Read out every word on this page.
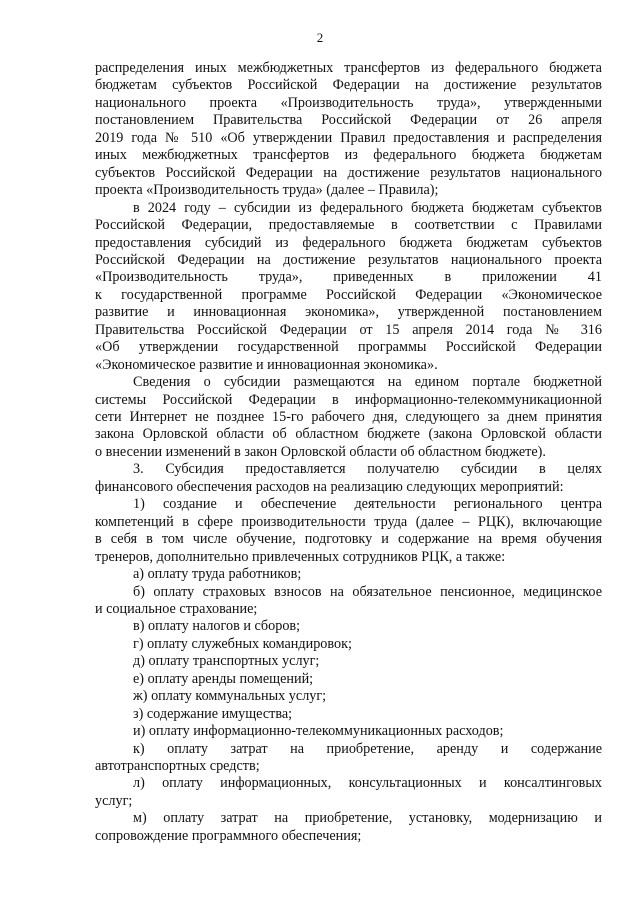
2
распределения иных межбюджетных трансфертов из федерального бюджета
бюджетам субъектов Российской Федерации на достижение результатов
национального проекта «Производительность труда», утвержденными
постановлением Правительства Российской Федерации от 26 апреля
2019 года № 510 «Об утверждении Правил предоставления и распределения
иных межбюджетных трансфертов из федерального бюджета бюджетам
субъектов Российской Федерации на достижение результатов национального
проекта «Производительность труда» (далее – Правила);
в 2024 году – субсидии из федерального бюджета бюджетам субъектов
Российской Федерации, предоставляемые в соответствии с Правилами
предоставления субсидий из федерального бюджета бюджетам субъектов
Российской Федерации на достижение результатов национального проекта
«Производительность труда», приведенных в приложении 41
к государственной программе Российской Федерации «Экономическое
развитие и инновационная экономика», утвержденной постановлением
Правительства Российской Федерации от 15 апреля 2014 года № 316
«Об утверждении государственной программы Российской Федерации
«Экономическое развитие и инновационная экономика».
Сведения о субсидии размещаются на едином портале бюджетной
системы Российской Федерации в информационно-телекоммуникационной
сети Интернет не позднее 15-го рабочего дня, следующего за днем принятия
закона Орловской области об областном бюджете (закона Орловской области
о внесении изменений в закон Орловской области об областном бюджете).
3. Субсидия предоставляется получателю субсидии в целях
финансового обеспечения расходов на реализацию следующих мероприятий:
1) создание и обеспечение деятельности регионального центра
компетенций в сфере производительности труда (далее – РЦК), включающие
в себя в том числе обучение, подготовку и содержание на время обучения
тренеров, дополнительно привлеченных сотрудников РЦК, а также:
а) оплату труда работников;
б) оплату страховых взносов на обязательное пенсионное, медицинское
и социальное страхование;
в) оплату налогов и сборов;
г) оплату служебных командировок;
д) оплату транспортных услуг;
е) оплату аренды помещений;
ж) оплату коммунальных услуг;
з) содержание имущества;
и) оплату информационно-телекоммуникационных расходов;
к) оплату затрат на приобретение, аренду и содержание
автотранспортных средств;
л) оплату информационных, консультационных и консалтинговых
услуг;
м) оплату затрат на приобретение, установку, модернизацию и
сопровождение программного обеспечения;
